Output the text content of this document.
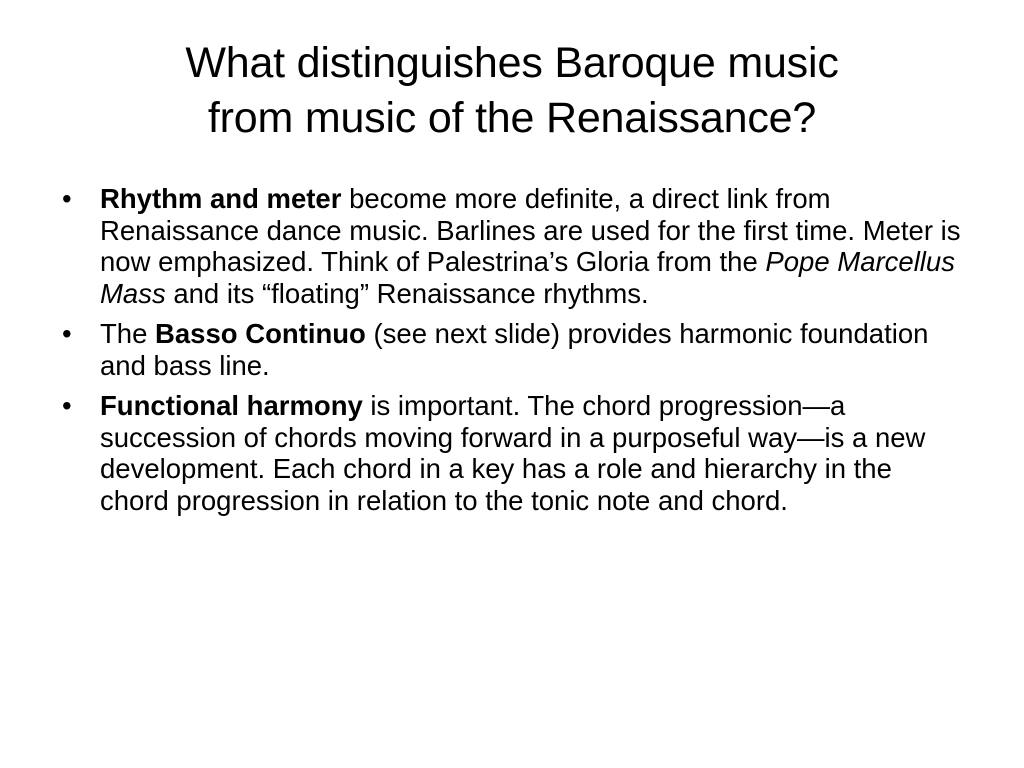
What distinguishes Baroque music
from music of the Renaissance?
•	Rhythm and meter become more definite, a direct link from Renaissance dance music. Barlines are used for the first time. Meter is now emphasized. Think of Palestrina’s Gloria from the Pope Marcellus Mass and its “floating” Renaissance rhythms.
•	The Basso Continuo (see next slide) provides harmonic foundation and bass line.
•	Functional harmony is important. The chord progression—a succession of chords moving forward in a purposeful way—is a new development. Each chord in a key has a role and hierarchy in the chord progression in relation to the tonic note and chord.
